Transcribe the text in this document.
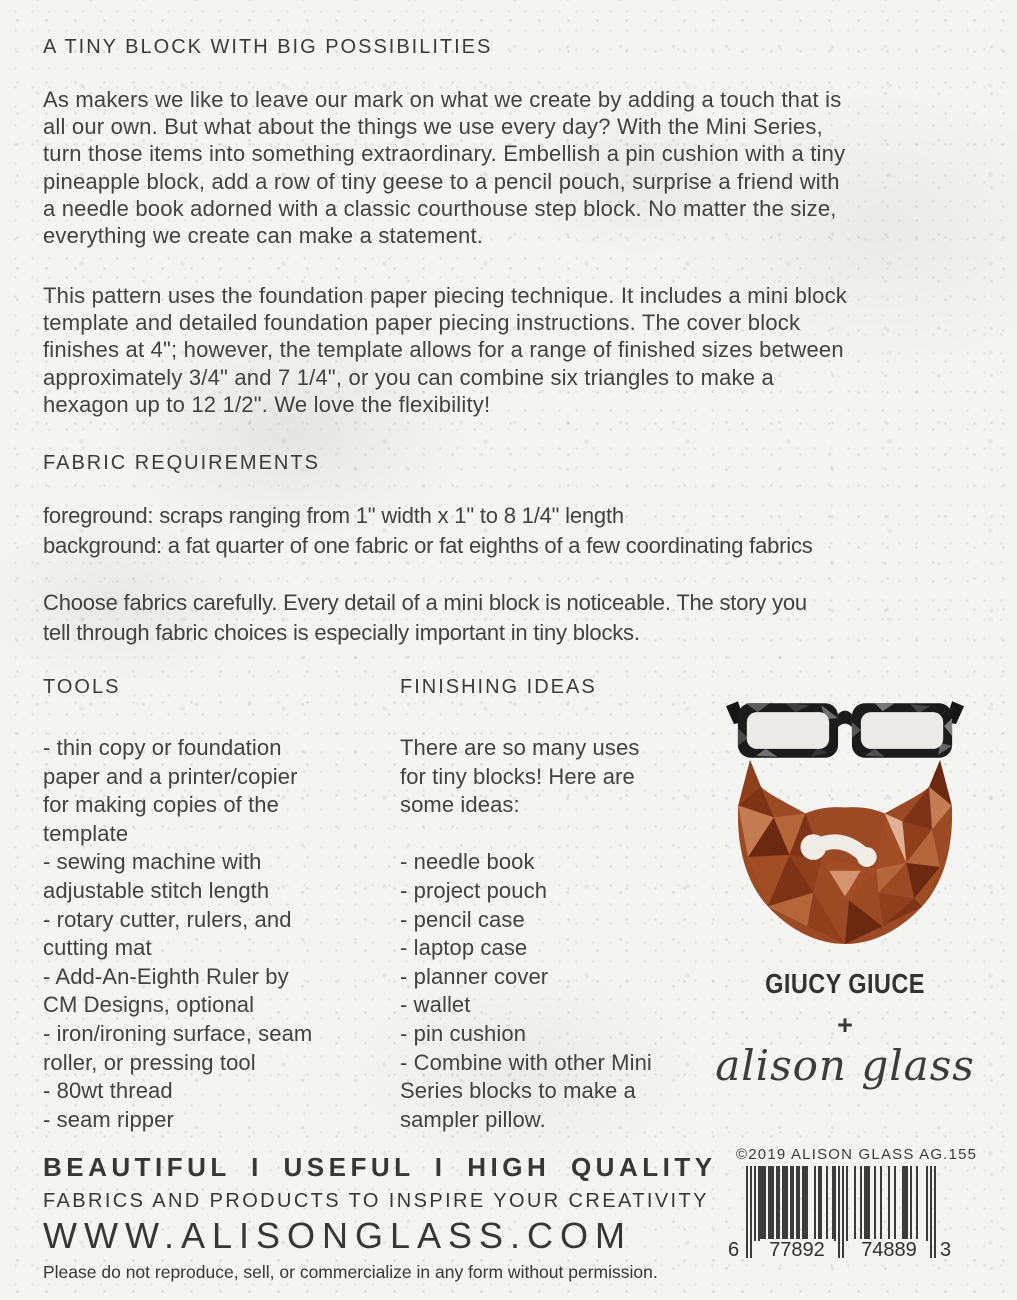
A TINY BLOCK WITH BIG POSSIBILITIES
As makers we like to leave our mark on what we create by adding a touch that is
all our own. But what about the things we use every day? With the Mini Series,
turn those items into something extraordinary. Embellish a pin cushion with a tiny
pineapple block, add a row of tiny geese to a pencil pouch, surprise a friend with
a needle book adorned with a classic courthouse step block. No matter the size,
everything we create can make a statement.
This pattern uses the foundation paper piecing technique. It includes a mini block
template and detailed foundation paper piecing instructions. The cover block
finishes at 4"; however, the template allows for a range of finished sizes between
approximately 3/4" and 7 1/4", or you can combine six triangles to make a
hexagon up to 12 1/2". We love the flexibility!
FABRIC REQUIREMENTS
foreground: scraps ranging from 1" width x 1" to 8 1/4" length
background: a fat quarter of one fabric or fat eighths of a few coordinating fabrics
Choose fabrics carefully. Every detail of a mini block is noticeable. The story you
tell through fabric choices is especially important in tiny blocks.
TOOLS
- thin copy or foundation
paper and a printer/copier
for making copies of the
template
- sewing machine with
adjustable stitch length
- rotary cutter, rulers, and
cutting mat
- Add-An-Eighth Ruler by
CM Designs, optional
- iron/ironing surface, seam
roller, or pressing tool
- 80wt thread
- seam ripper
FINISHING IDEAS
There are so many uses
for tiny blocks! Here are
some ideas:

- needle book
- project pouch
- pencil case
- laptop case
- planner cover
- wallet
- pin cushion
- Combine with other Mini
Series blocks to make a
sampler pillow.
GIUCY GIUCE
+
alison glass
BEAUTIFUL I USEFUL I HIGH QUALITY
FABRICS AND PRODUCTS TO INSPIRE YOUR CREATIVITY
WWW.ALISONGLASS.COM
Please do not reproduce, sell, or commercialize in any form without permission.
©2019 ALISON GLASS AG.155
6	77892	74889	3
